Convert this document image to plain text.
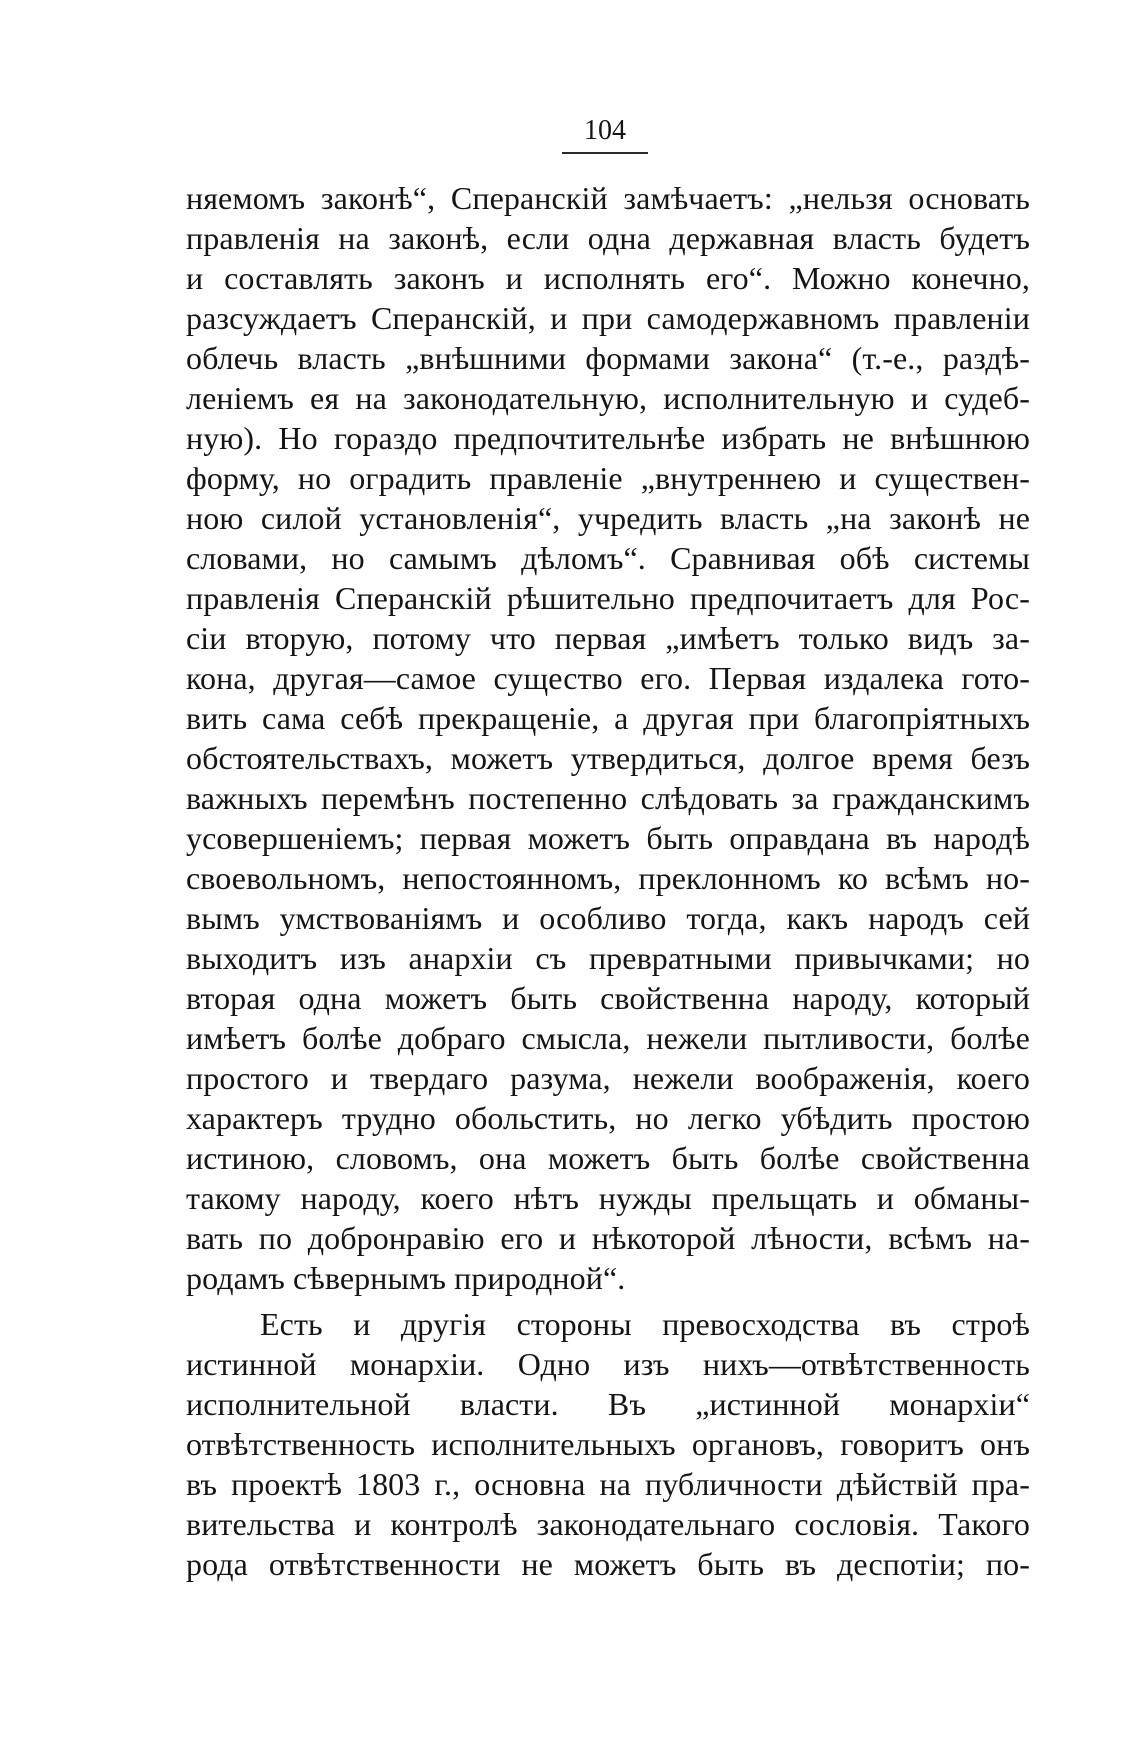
104
няемомъ законѣ“, Сперанскій замѣчаетъ: „нельзя основать
правленія на законѣ, если одна державная власть будетъ
и составлять законъ и исполнять его“. Можно конечно,
разсуждаетъ Сперанскій, и при самодержавномъ правленіи
облечь власть „внѣшними формами закона“ (т.-е., раздѣ-
леніемъ ея на законодательную, исполнительную и судеб-
ную). Но гораздо предпочтительнѣе избрать не внѣшнюю
форму, но оградить правленіе „внутреннею и существен-
ною силой установленія“, учредить власть „на законѣ не
словами, но самымъ дѣломъ“. Сравнивая обѣ системы
правленія Сперанскій рѣшительно предпочитаетъ для Рос-
сіи вторую, потому что первая „имѣетъ только видъ за-
кона, другая—самое существо его. Первая издалека гото-
вить сама себѣ прекращеніе, а другая при благопріятныхъ
обстоятельствахъ, можетъ утвердиться, долгое время безъ
важныхъ перемѣнъ постепенно слѣдовать за гражданскимъ
усовершеніемъ; первая можетъ быть оправдана въ народѣ
своевольномъ, непостоянномъ, преклонномъ ко всѣмъ но-
вымъ умствованіямъ и особливо тогда, какъ народъ сей
выходитъ изъ анархіи съ превратными привычками; но
вторая одна можетъ быть свойственна народу, который
имѣетъ болѣе добраго смысла, нежели пытливости, болѣе
простого и твердаго разума, нежели воображенія, коего
характеръ трудно обольстить, но легко убѣдить простою
истиною, словомъ, она можетъ быть болѣе свойственна
такому народу, коего нѣтъ нужды прельщать и обманы-
вать по добронравію его и нѣкоторой лѣности, всѣмъ на-
родамъ сѣвернымъ природной“.
Есть и другія стороны превосходства въ строѣ
истинной монархіи. Одно изъ нихъ—отвѣтственность
исполнительной власти. Въ „истинной монархіи“
отвѣтственность исполнительныхъ органовъ, говоритъ онъ
въ проектѣ 1803 г., основна на публичности дѣйствій пра-
вительства и контролѣ законодательнаго сословія. Такого
рода отвѣтственности не можетъ быть въ деспотіи; по-
